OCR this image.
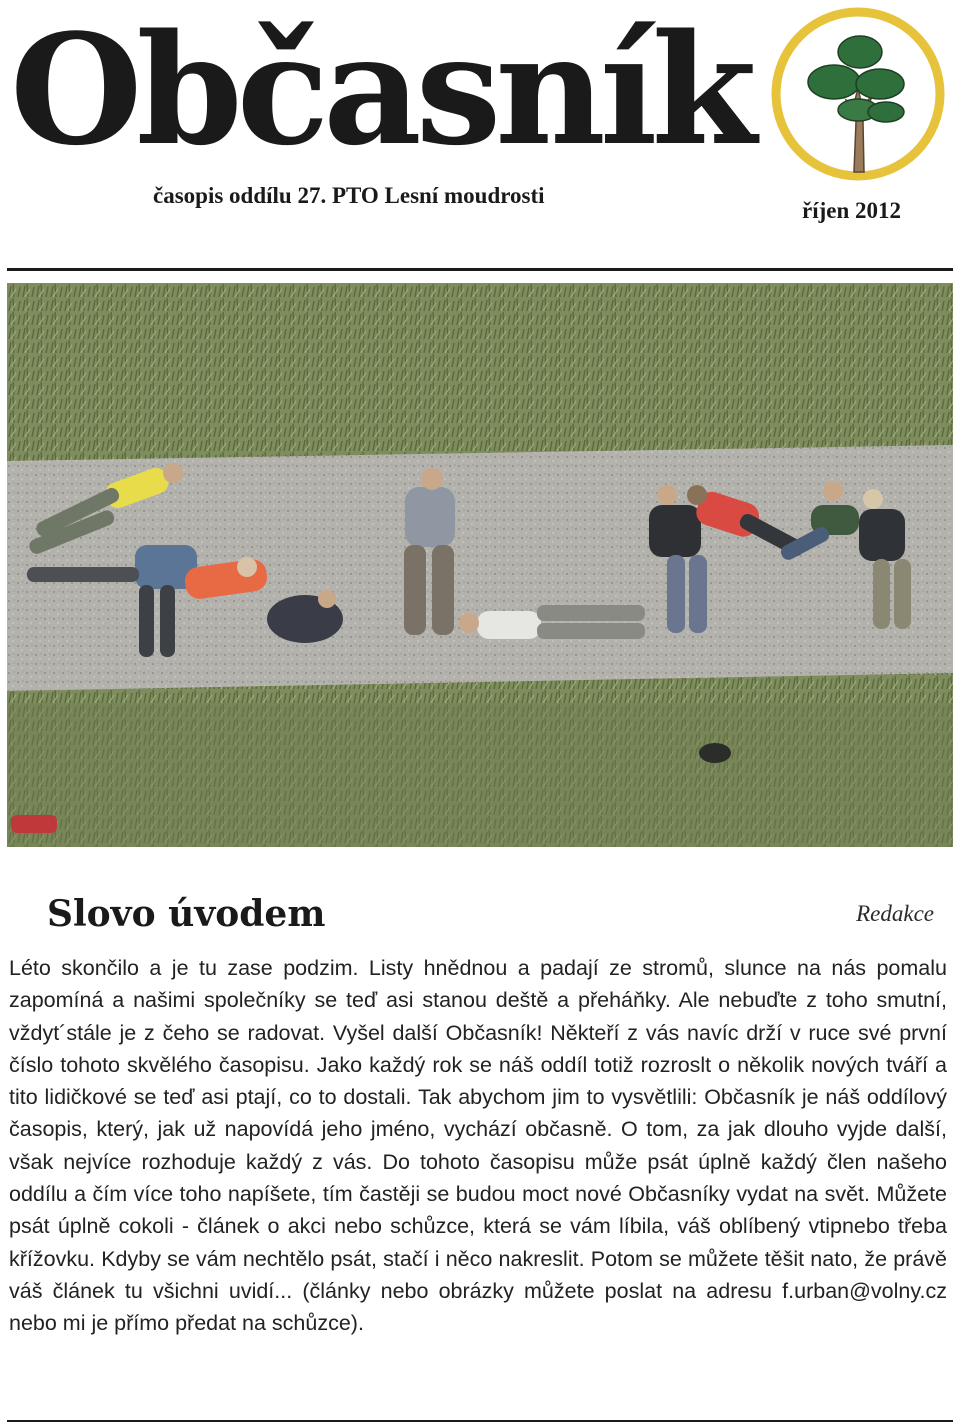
Občasník
časopis oddílu 27. PTO Lesní moudrosti
říjen 2012
Slovo úvodem	Redakce

Léto skončilo a je tu zase podzim. Listy hnědnou a padají ze stromů, slunce na nás pomalu zapomíná a našimi společníky se teď asi stanou deště a přeháňky. Ale nebuďte z toho smutní, vždyt´stále je z čeho se radovat. Vyšel další Občasník! Někteří z vás navíc drží v ruce své první číslo tohoto skvělého časopisu. Jako každý rok se náš oddíl totiž rozroslt o několik nových tváří a tito lidičkové se teď asi ptají, co to dostali. Tak abychom jim to vysvětlili: Občasník je náš oddílový časopis, který, jak už napovídá jeho jméno, vychází občasně. O tom, za jak dlouho vyjde další, však nejvíce rozhoduje každý z vás. Do tohoto časopisu může psát úplně každý člen našeho oddílu a čím více toho napíšete, tím častěji se budou moct nové Občasníky vydat na svět. Můžete psát úplně cokoli - článek o akci nebo schůzce, která se vám líbila, váš oblíbený vtipnebo třeba křížovku. Kdyby se vám nechtělo psát, stačí i něco nakreslit. Potom se můžete těšit nato, že právě váš článek tu všichni uvidí... (články nebo obrázky můžete poslat na adresu f.urban@volny.cz nebo mi je přímo předat na schůzce).
